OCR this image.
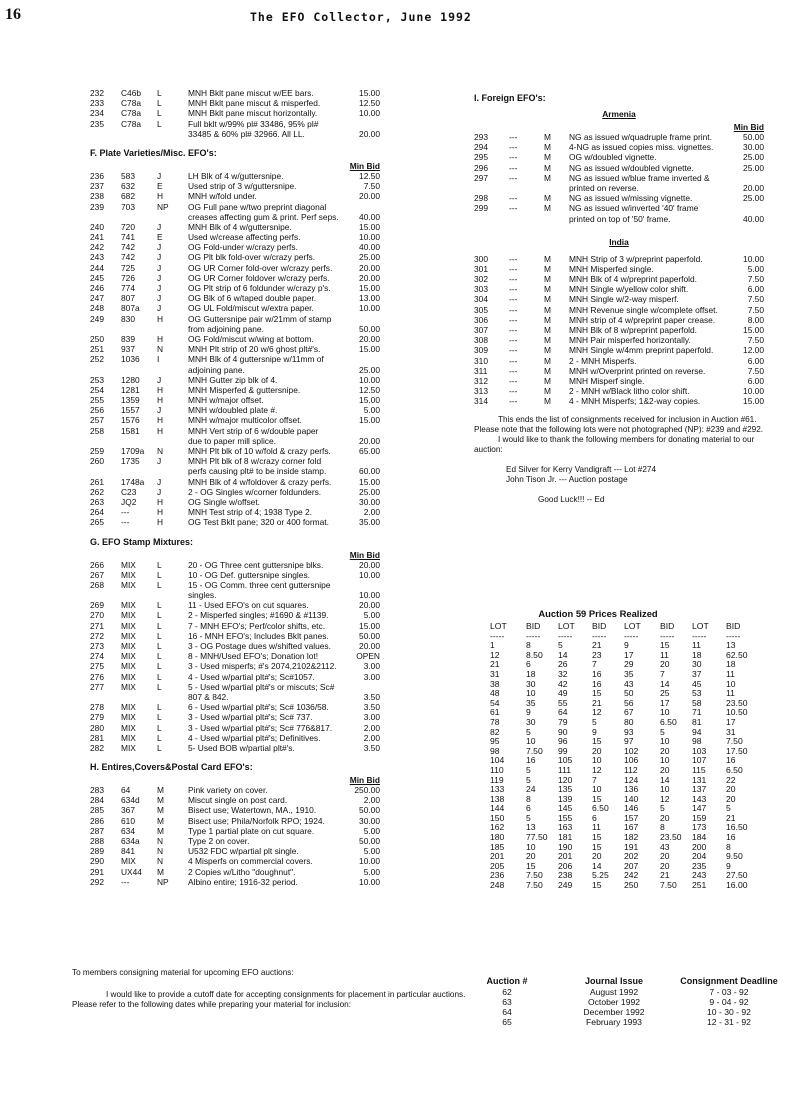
16	The EFO Collector, June 1992
232 C46b L	MNH Bklt pane miscut w/EE bars.	15.00
233 C78a L	MNH Bklt pane miscut & misperfed.	12.50
234 C78a L	MNH Bklt pane miscut horizontally.	10.00
235 C78a L	Full bklt w/99% pl# 33486, 95% pl#
33485 & 60% pl# 32966. All LL.	20.00
F. Plate Varieties/Misc. EFO's:
Min Bid
236 583	J	LH Blk of 4 w/guttersnipe.	12.50
237 632	E	Used strip of 3 w/guttersnipe.	7.50
238 682	H	MNH w/fold under.	20.00
239 703	NP OG Full pane w/two preprint diagonal
creases affecting gum & print. Perf seps. 40.00
240 720	J	MNH Blk of 4 w/guttersnipe.	15.00
241 741	E	Used w/crease affecting perfs.	10.00
242 742	J	OG Fold-under w/crazy perfs.	40.00
243 742	J	OG Plt blk fold-over w/crazy perfs.	25.00
244 725	J	OG UR Corner fold-over w/crazy perfs.	20.00
245 726	J	OG UR Corner foldover w/crazy perfs.	20.00
246 774	J	OG Plt strip of 6 foldunder w/crazy p's.	15.00
247 807	J	OG Blk of 6 w/taped double paper.	13.00
248 807a J	OG UL Fold/miscut w/extra paper.	10.00
249 830	H	OG Guttersnipe pair w/21mm of stamp
from adjoining pane.	50.00
250 839	H	OG Fold/miscut w/wing at bottom.	20.00
251 937	N	MNH Plt strip of 20 w/6 ghost plt#'s.	15.00
252 1036 I	MNH Blk of 4 guttersnipe w/11mm of
adjoining pane.	25.00
253 1280 J	MNH Gutter zip blk of 4.	10.00
254 1281 H	MNH Misperfed & guttersnipe.	12.50
255 1359 H	MNH w/major offset.	15.00
256 1557 J	MNH w/doubled plate #.	5.00
257 1576 H	MNH w/major multicolor offset.	15.00
258 1581 H	MNH Vert strip of 6 w/double paper
due to paper mill splice.	20.00
259 1709a N	MNH Plt blk of 10 w/fold & crazy perfs.	65.00
260 1735 J	MNH Plt blk of 8 w/crazy corner fold
perfs causing plt# to be inside stamp.	60.00
261 1748a J	MNH Blk of 4 w/foldover & crazy perfs.	15.00
262 C23 J	2 - OG Singles w/corner foldunders.	25.00
263 JQ2 H	OG Single w/offset.	30.00
264 ---	H	MNH Test strip of 4; 1938 Type 2.	2.00
265 ---	H	OG Test Bklt pane; 320 or 400 format.	35.00
G. EFO Stamp Mixtures:
Min Bid
266 MIX	L	20 - OG Three cent guttersnipe blks.	20.00
267 MIX	L	10 - OG Def. guttersnipe singles.	10.00
268 MIX	L	15 - OG Comm. three cent guttersnipe
singles.	10.00
269 MIX	L	11 - Used EFO's on cut squares.	20.00
270 MIX	L	2 - Misperfed singles; #1690 & #1139.	5.00
271 MIX	L	7 - MNH EFO's; Perf/color shifts, etc.	15.00
272 MIX	L	16 - MNH EFO's; Includes Bklt panes.	50.00
273 MIX	L	3 - OG Postage dues w/shifted values.	20.00
274 MIX	L	8 - MNH/Used EFO's; Donation lot!	OPEN
275 MIX	L	3 - Used misperfs; #'s 2074,2102&2112.	3.00
276 MIX	L	4 - Used w/partial plt#'s; Sc#1057.	3.00
277 MIX	L	5 - Used w/partial plt#'s or miscuts; Sc#
807 & 842.	3.50
278 MIX	L	6 - Used w/partial plt#'s; Sc# 1036/58.	3.50
279 MIX	L	3 - Used w/partial plt#'s; Sc# 737.	3.00
280 MIX	L	3 - Used w/partial plt#'s; Sc# 776&817.	2.00
281 MIX	L	4 - Used w/partial plt#'s; Definitives.	2.00
282 MIX	L	5- Used BOB w/partial plt#'s.	3.50
H. Entires,Covers&Postal Card EFO's:
Min Bid
283 64	M	Pink variety on cover.	250.00
284 634d M	Miscut single on post card.	2.00
285 367	M	Bisect use; Watertown, MA., 1910.	50.00
286 610	M	Bisect use; Phila/Norfolk RPO; 1924.	30.00
287 634	M	Type 1 partial plate on cut square.	5.00
288 634a N	Type 2 on cover.	50.00
289 841	N	U532 FDC w/partial plt single.	5.00
290 MIX	N	4 Misperfs on commercial covers.	10.00
291 UX44 M	2 Copies w/Litho "doughnut".	5.00
292 ---	NP Albino entire; 1916-32 period.	10.00
I. Foreign EFO's:
Armenia
Min Bid
293	---	M NG as issued w/quadruple frame print.	50.00
294	---	M 4-NG as issued copies miss. vignettes.	30.00
295	---	M OG w/doubled vignette.	25.00
296	---	M NG as issued w/doubled vignette.	25.00
297	---	M NG as issued w/blue frame inverted &
printed on reverse.	20.00
298	---	M NG as issued w/missing vignette.	25.00
299	---	M NG as issued w/inverted '40' frame
printed on top of '50' frame.	40.00
India
300	---	M MNH Strip of 3 w/preprint paperfold.	10.00
301	---	M MNH Misperfed single.	5.00
302	---	M MNH Blk of 4 w/preprint paperfold.	7.50
303	---	M MNH Single w/yellow color shift.	6.00
304	---	M MNH Single w/2-way misperf.	7.50
305	---	M MNH Revenue single w/complete offset.	7.50
306	---	M MNH strip of 4 w/preprint paper crease.	8.00
307	---	M MNH Blk of 8 w/preprint paperfold.	15.00
308	---	M MNH Pair misperfed horizontally.	7.50
309	---	M MNH Single w/4mm preprint paperfold.	12.00
310	---	M 2 - MNH Misperfs.	6.00
311	---	M MNH w/Overprint printed on reverse.	7.50
312	---	M MNH Misperf single.	6.00
313	---	M 2 - MNH w/Black litho color shift.	10.00
314	---	M 4 - MNH Misperfs; 1&2-way copies.	15.00

This ends the list of consignments received for inclusion in Auction #61. Please note that the following lots were not photographed (NP): #239 and #292.

I would like to thank the following members for donating material to our auction:

Ed Silver for Kerry Vandigraft --- Lot #274

John Tison Jr. --- Auction postage

Good Luck!!! -- Ed

Auction 59 Prices Realized
LOT BID LOT BID LOT BID LOT BID
-----	----- ----- ----- -----	----- ----- -----
1	8	5	21	9	15	11	13
12	8.50 14	23	17	11	18	62.50
21	6	26	7	29	20	30	18
31	18	32	16	35	7	37	11
38	30	42	16	43	14	45	10
48	10	49	15	50	25	53	11
54	35	55	21	56	17	58	23.50
61	9	64	12	67	10	71	10.50
78	30	79	5	80	6.50 81	17
82	5	90	9	93	5	94	31
95	10	96	15	97	10	98	7.50
98	7.50 99	20	102	20	103 17.50
104	16	105 10	106	10	107 16
110	5	111 12	112	20	115 6.50
119	5	120 7	124	14	131 22
133	24	135 10	136	10	137 20
138	8	139 15	140	12	143 20
144	6	145 6.50 146	5	147 5
150	5	155 6	157	20	159 21
162	13	163 11	167	8	173 16.50
180	77.50 181 15	182	23.50 184 16
185	10	190 15	191	43	200 8
201	20	201 20	202	20	204 9.50
205	15	206 14	207	20	235 9
236	7.50 238 5.25 242	21	243 27.50
248	7.50 249 15	250	7.50 251 16.00
To members consigning material for upcoming EFO auctions:
I would like to provide a cutoff date for accepting consignments for placement in particular auctions. Please refer to the following dates while preparing your material for inclusion:
Auction #	Journal Issue	Consignment Deadline
62	August 1992	7 - 03 - 92
63	October 1992	9 - 04 - 92
64	December 1992	10 - 30 - 92
65	February 1993	12 - 31 - 92
